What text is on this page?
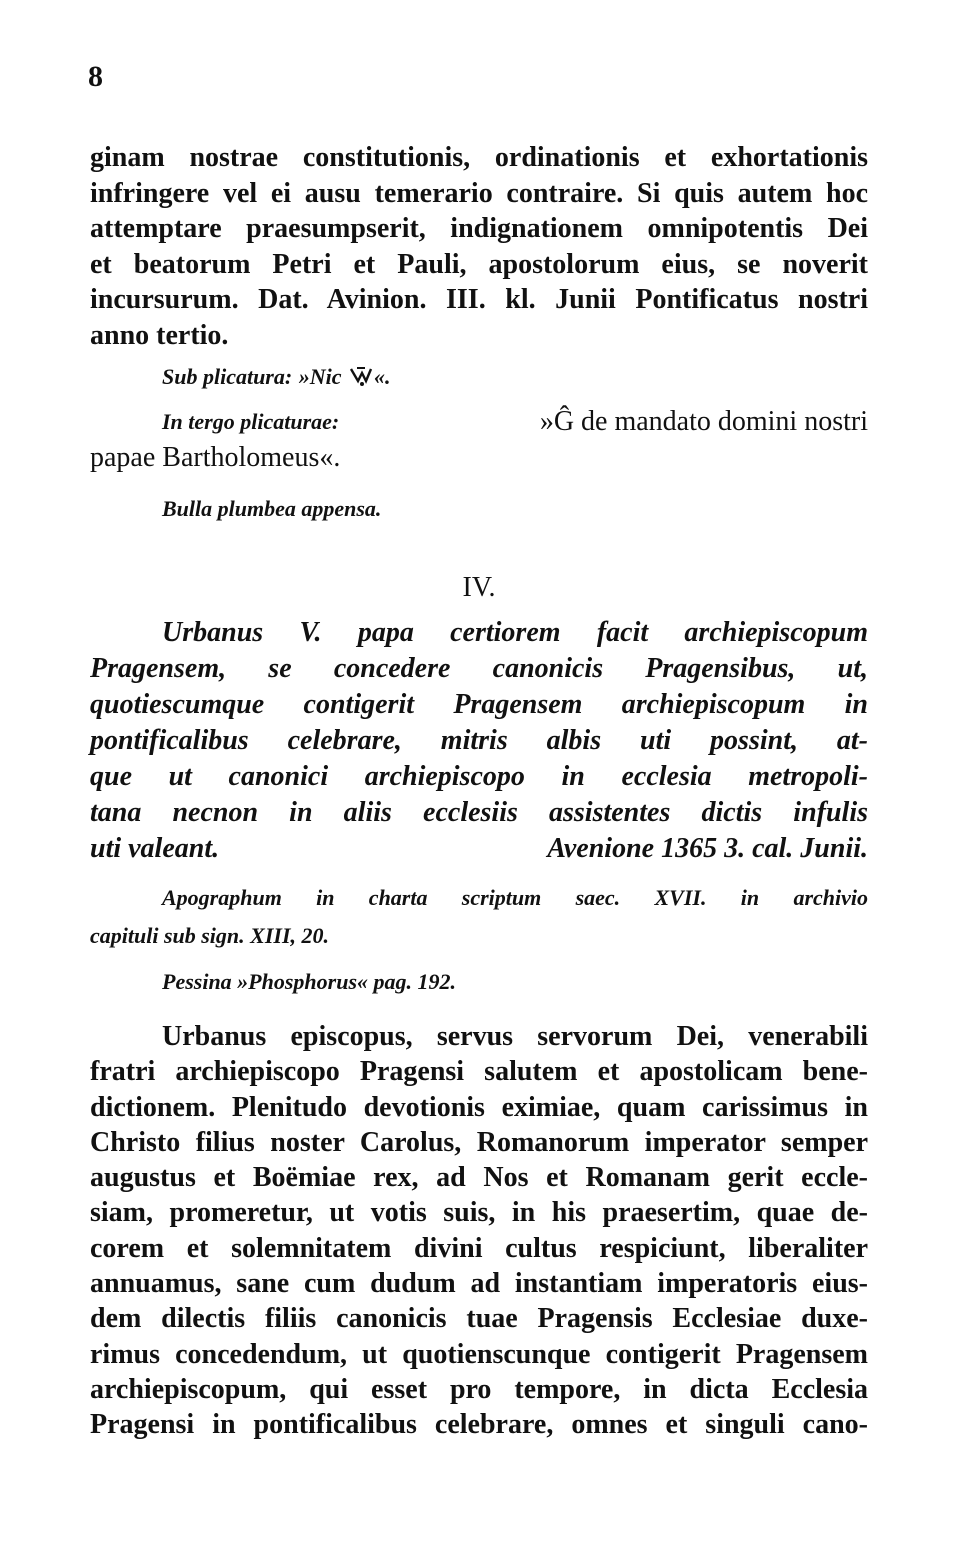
8
ginam nostrae constitutionis, ordinationis et exhortationis
infringere vel ei ausu temerario contraire. Si quis autem hoc
attemptare praesumpserit, indignationem omnipotentis Dei
et beatorum Petri et Pauli, apostolorum eius, se noverit
incursurum. Dat. Avinion. III. kl. Junii Pontificatus nostri
anno tertio.

Sub plicatura: »Nic «.

In tergo plicaturae:	»Ĝ de mandato domini nostri
papae Bartholomeus«.

Bulla plumbea appensa.

IV.

Urbanus V. papa certiorem facit archiepiscopum
Pragensem, se concedere canonicis Pragensibus, ut,
quotiescumque contigerit Pragensem archiepiscopum in
pontificalibus celebrare, mitris albis uti possint, at-
que ut canonici archiepiscopo in ecclesia metropoli-
tana necnon in aliis ecclesiis assistentes dictis infulis
uti valeant.	Avenione 1365 3. cal. Junii.
Apographum in charta scriptum saec. XVII. in archivio
capituli sub sign. XIII, 20.

Pessina »Phosphorus« pag. 192.

Urbanus episcopus, servus servorum Dei, venerabili
fratri archiepiscopo Pragensi salutem et apostolicam bene-
dictionem. Plenitudo devotionis eximiae, quam carissimus in
Christo filius noster Carolus, Romanorum imperator semper
augustus et Boëmiae rex, ad Nos et Romanam gerit eccle-
siam, promeretur, ut votis suis, in his praesertim, quae de-
corem et solemnitatem divini cultus respiciunt, liberaliter
annuamus, sane cum dudum ad instantiam imperatoris eius-
dem dilectis filiis canonicis tuae Pragensis Ecclesiae duxe-
rimus concedendum, ut quotienscunque contigerit Pragensem
archiepiscopum, qui esset pro tempore, in dicta Ecclesia
Pragensi in pontificalibus celebrare, omnes et singuli cano-
